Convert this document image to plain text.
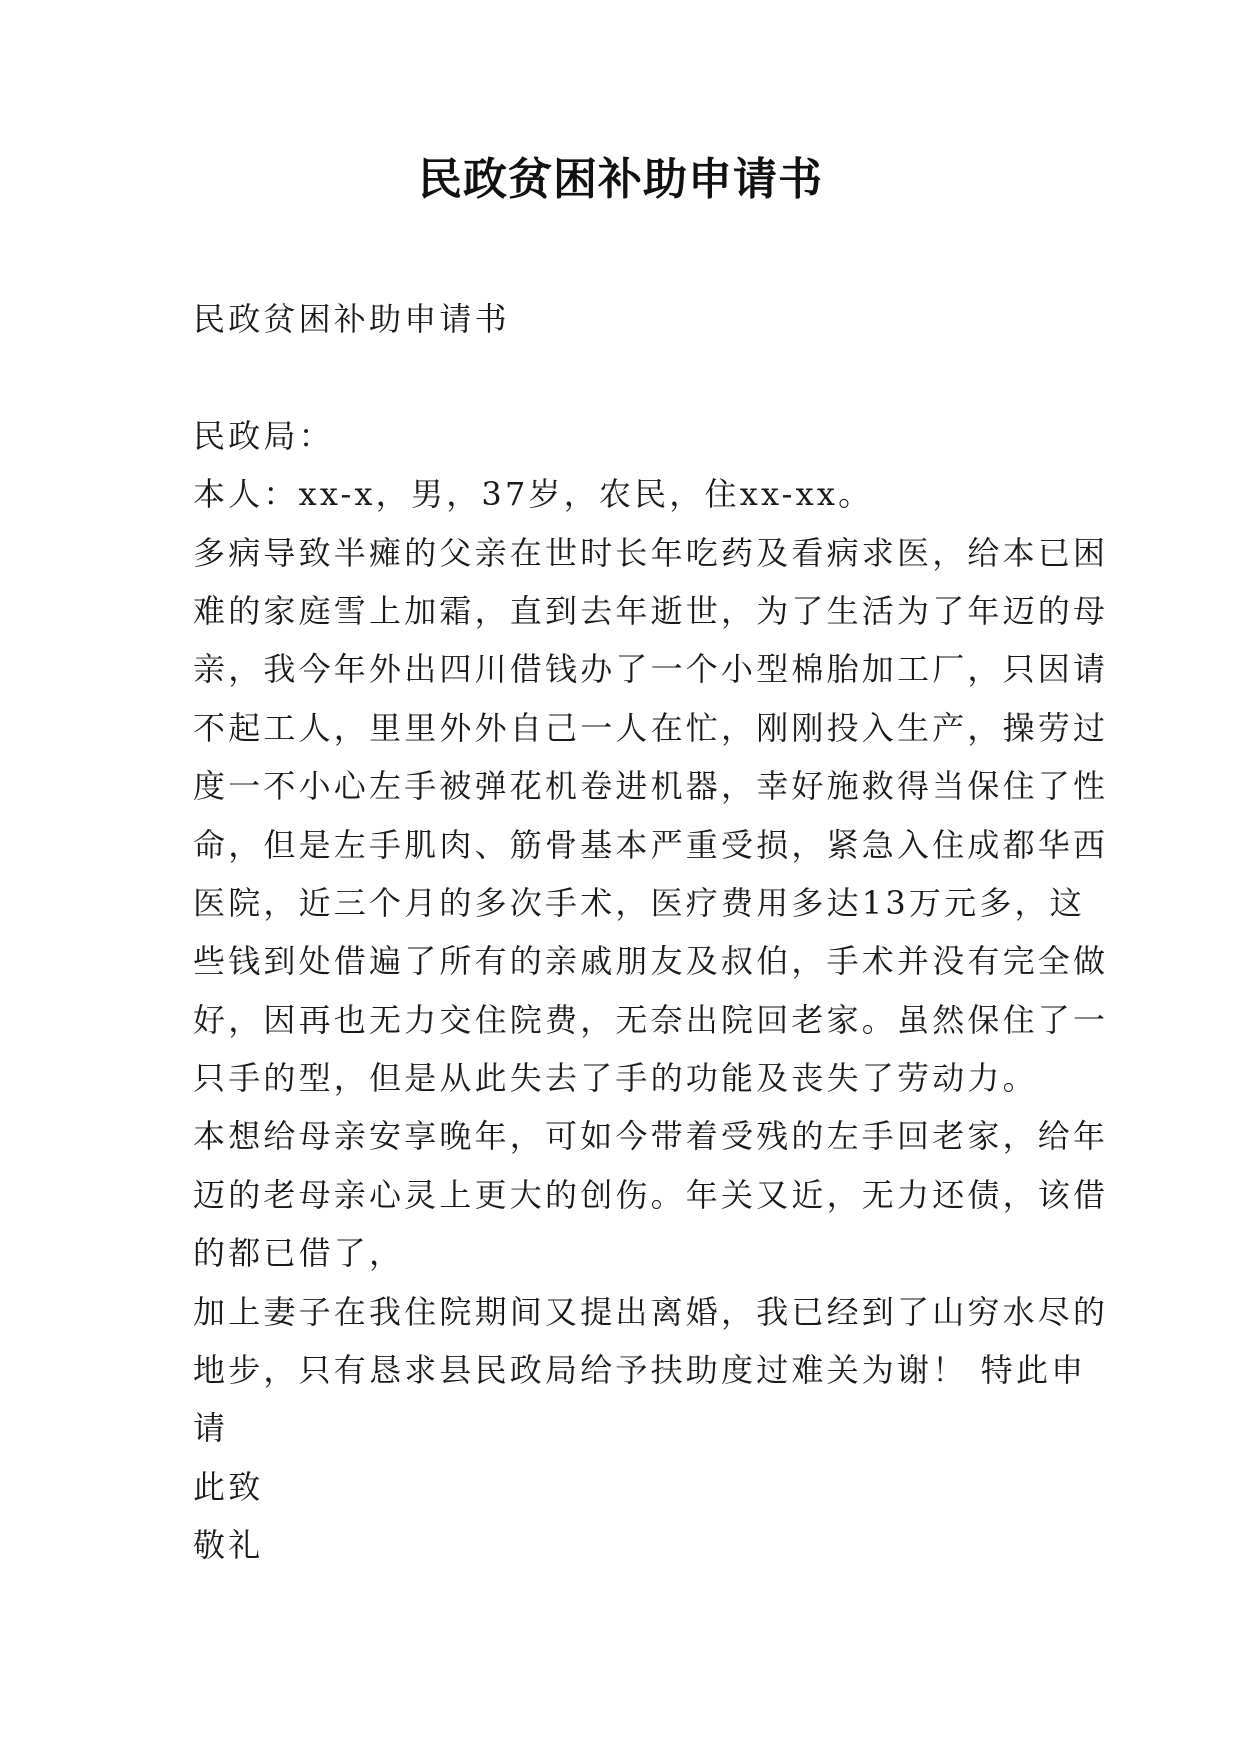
民政贫困补助申请书
民政贫困补助申请书
民政局：
本人：xx-x，男，37岁，农民，住xx-xx。
多病导致半瘫的父亲在世时长年吃药及看病求医，给本已困
难的家庭雪上加霜，直到去年逝世，为了生活为了年迈的母
亲，我今年外出四川借钱办了一个小型棉胎加工厂，只因请
不起工人，里里外外自己一人在忙，刚刚投入生产，操劳过
度一不小心左手被弹花机卷进机器，幸好施救得当保住了性
命，但是左手肌肉、筋骨基本严重受损，紧急入住成都华西
医院，近三个月的多次手术，医疗费用多达13万元多，这
些钱到处借遍了所有的亲戚朋友及叔伯，手术并没有完全做
好，因再也无力交住院费，无奈出院回老家。虽然保住了一
只手的型，但是从此失去了手的功能及丧失了劳动力。
本想给母亲安享晚年，可如今带着受残的左手回老家，给年
迈的老母亲心灵上更大的创伤。年关又近，无力还债，该借
的都已借了，
加上妻子在我住院期间又提出离婚，我已经到了山穷水尽的
地步，只有恳求县民政局给予扶助度过难关为谢！ 特此申
请
此致
敬礼
